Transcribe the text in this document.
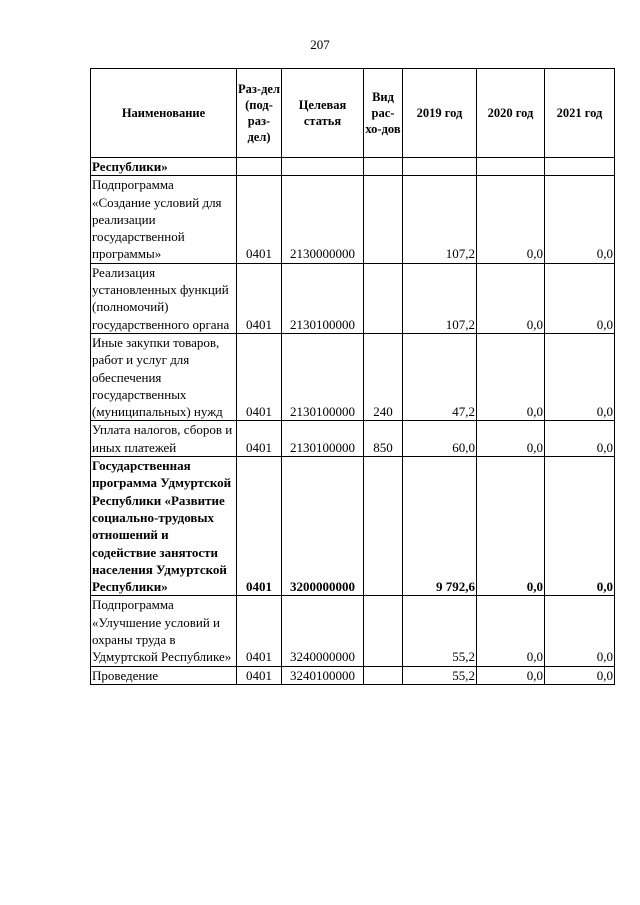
207
Наименование	Раз-дел (под-раз-дел)	Целевая статья	Вид рас-хо-дов	2019 год	2020 год	2021 год
Республики»						
Подпрограмма «Создание условий для реализации государственной программы»	0401	2130000000		107,2	0,0	0,0
Реализация установленных функций (полномочий) государственного органа	0401	2130100000		107,2	0,0	0,0
Иные закупки товаров, работ и услуг для обеспечения государственных (муниципальных) нужд	0401	2130100000	240	47,2	0,0	0,0
Уплата налогов, сборов и иных платежей	0401	2130100000	850	60,0	0,0	0,0
Государственная программа Удмуртской Республики «Развитие социально-трудовых отношений и содействие занятости населения Удмуртской Республики»	0401	3200000000		9 792,6	0,0	0,0
Подпрограмма «Улучшение условий и охраны труда в Удмуртской Республике»	0401	3240000000		55,2	0,0	0,0
Проведение	0401	3240100000		55,2	0,0	0,0
